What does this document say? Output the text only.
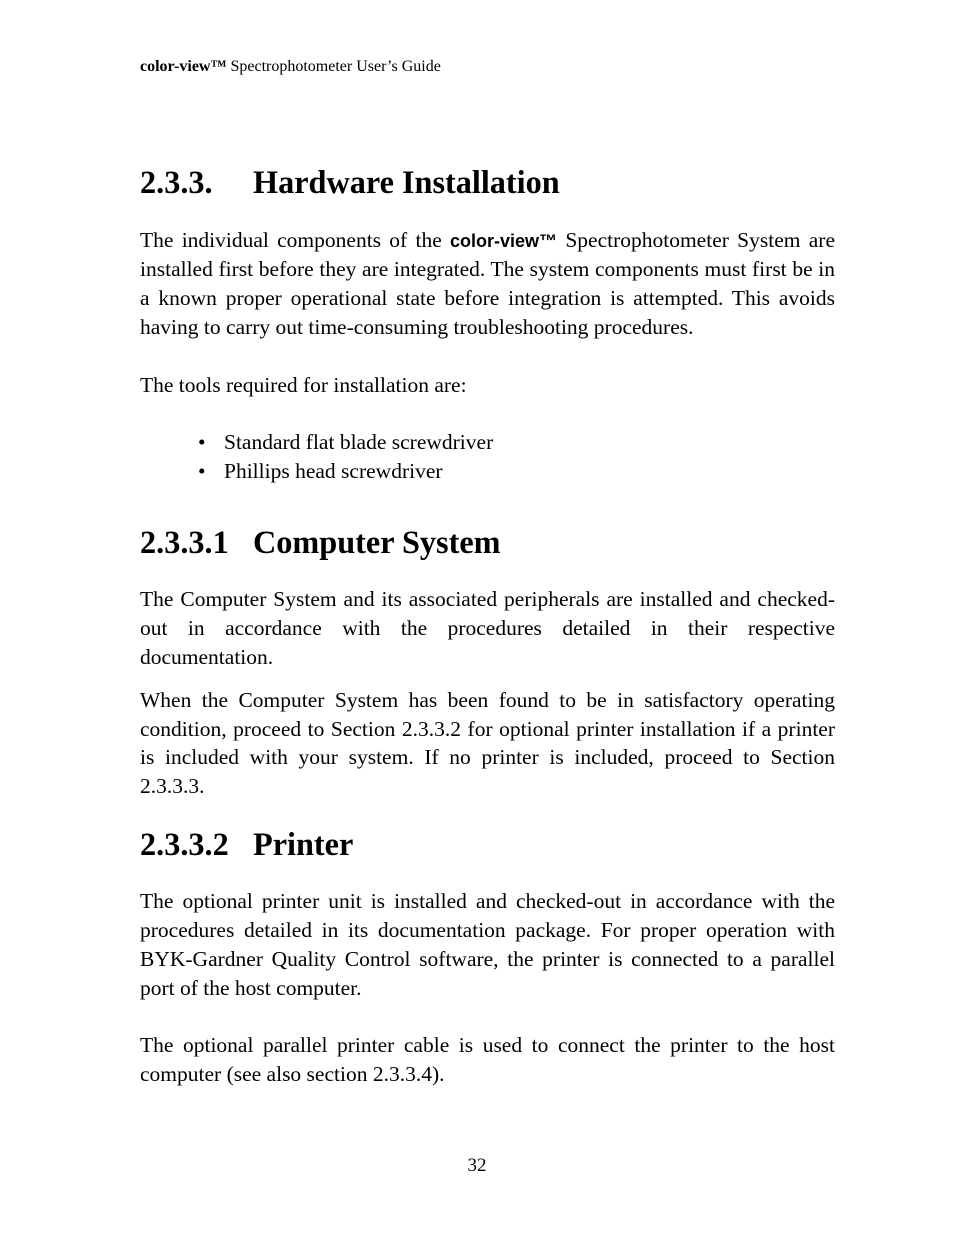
color-view™ Spectrophotometer User’s Guide
2.3.3. Hardware Installation

The individual components of the color-view™ Spectrophotometer System are installed first before they are integrated. The system components must first be in a known proper operational state before integration is attempted. This avoids having to carry out time-consuming troubleshooting procedures.

The tools required for installation are:

• Standard flat blade screwdriver
• Phillips head screwdriver
2.3.3.1 Computer System

The Computer System and its associated peripherals are installed and checked-out in accordance with the procedures detailed in their respective documentation.

When the Computer System has been found to be in satisfactory operating condition, proceed to Section 2.3.3.2 for optional printer installation if a printer is included with your system. If no printer is included, proceed to Section 2.3.3.3.

2.3.3.2 Printer

The optional printer unit is installed and checked-out in accordance with the procedures detailed in its documentation package. For proper operation with BYK-Gardner Quality Control software, the printer is connected to a parallel port of the host computer.

The optional parallel printer cable is used to connect the printer to the host computer (see also section 2.3.3.4).

32
